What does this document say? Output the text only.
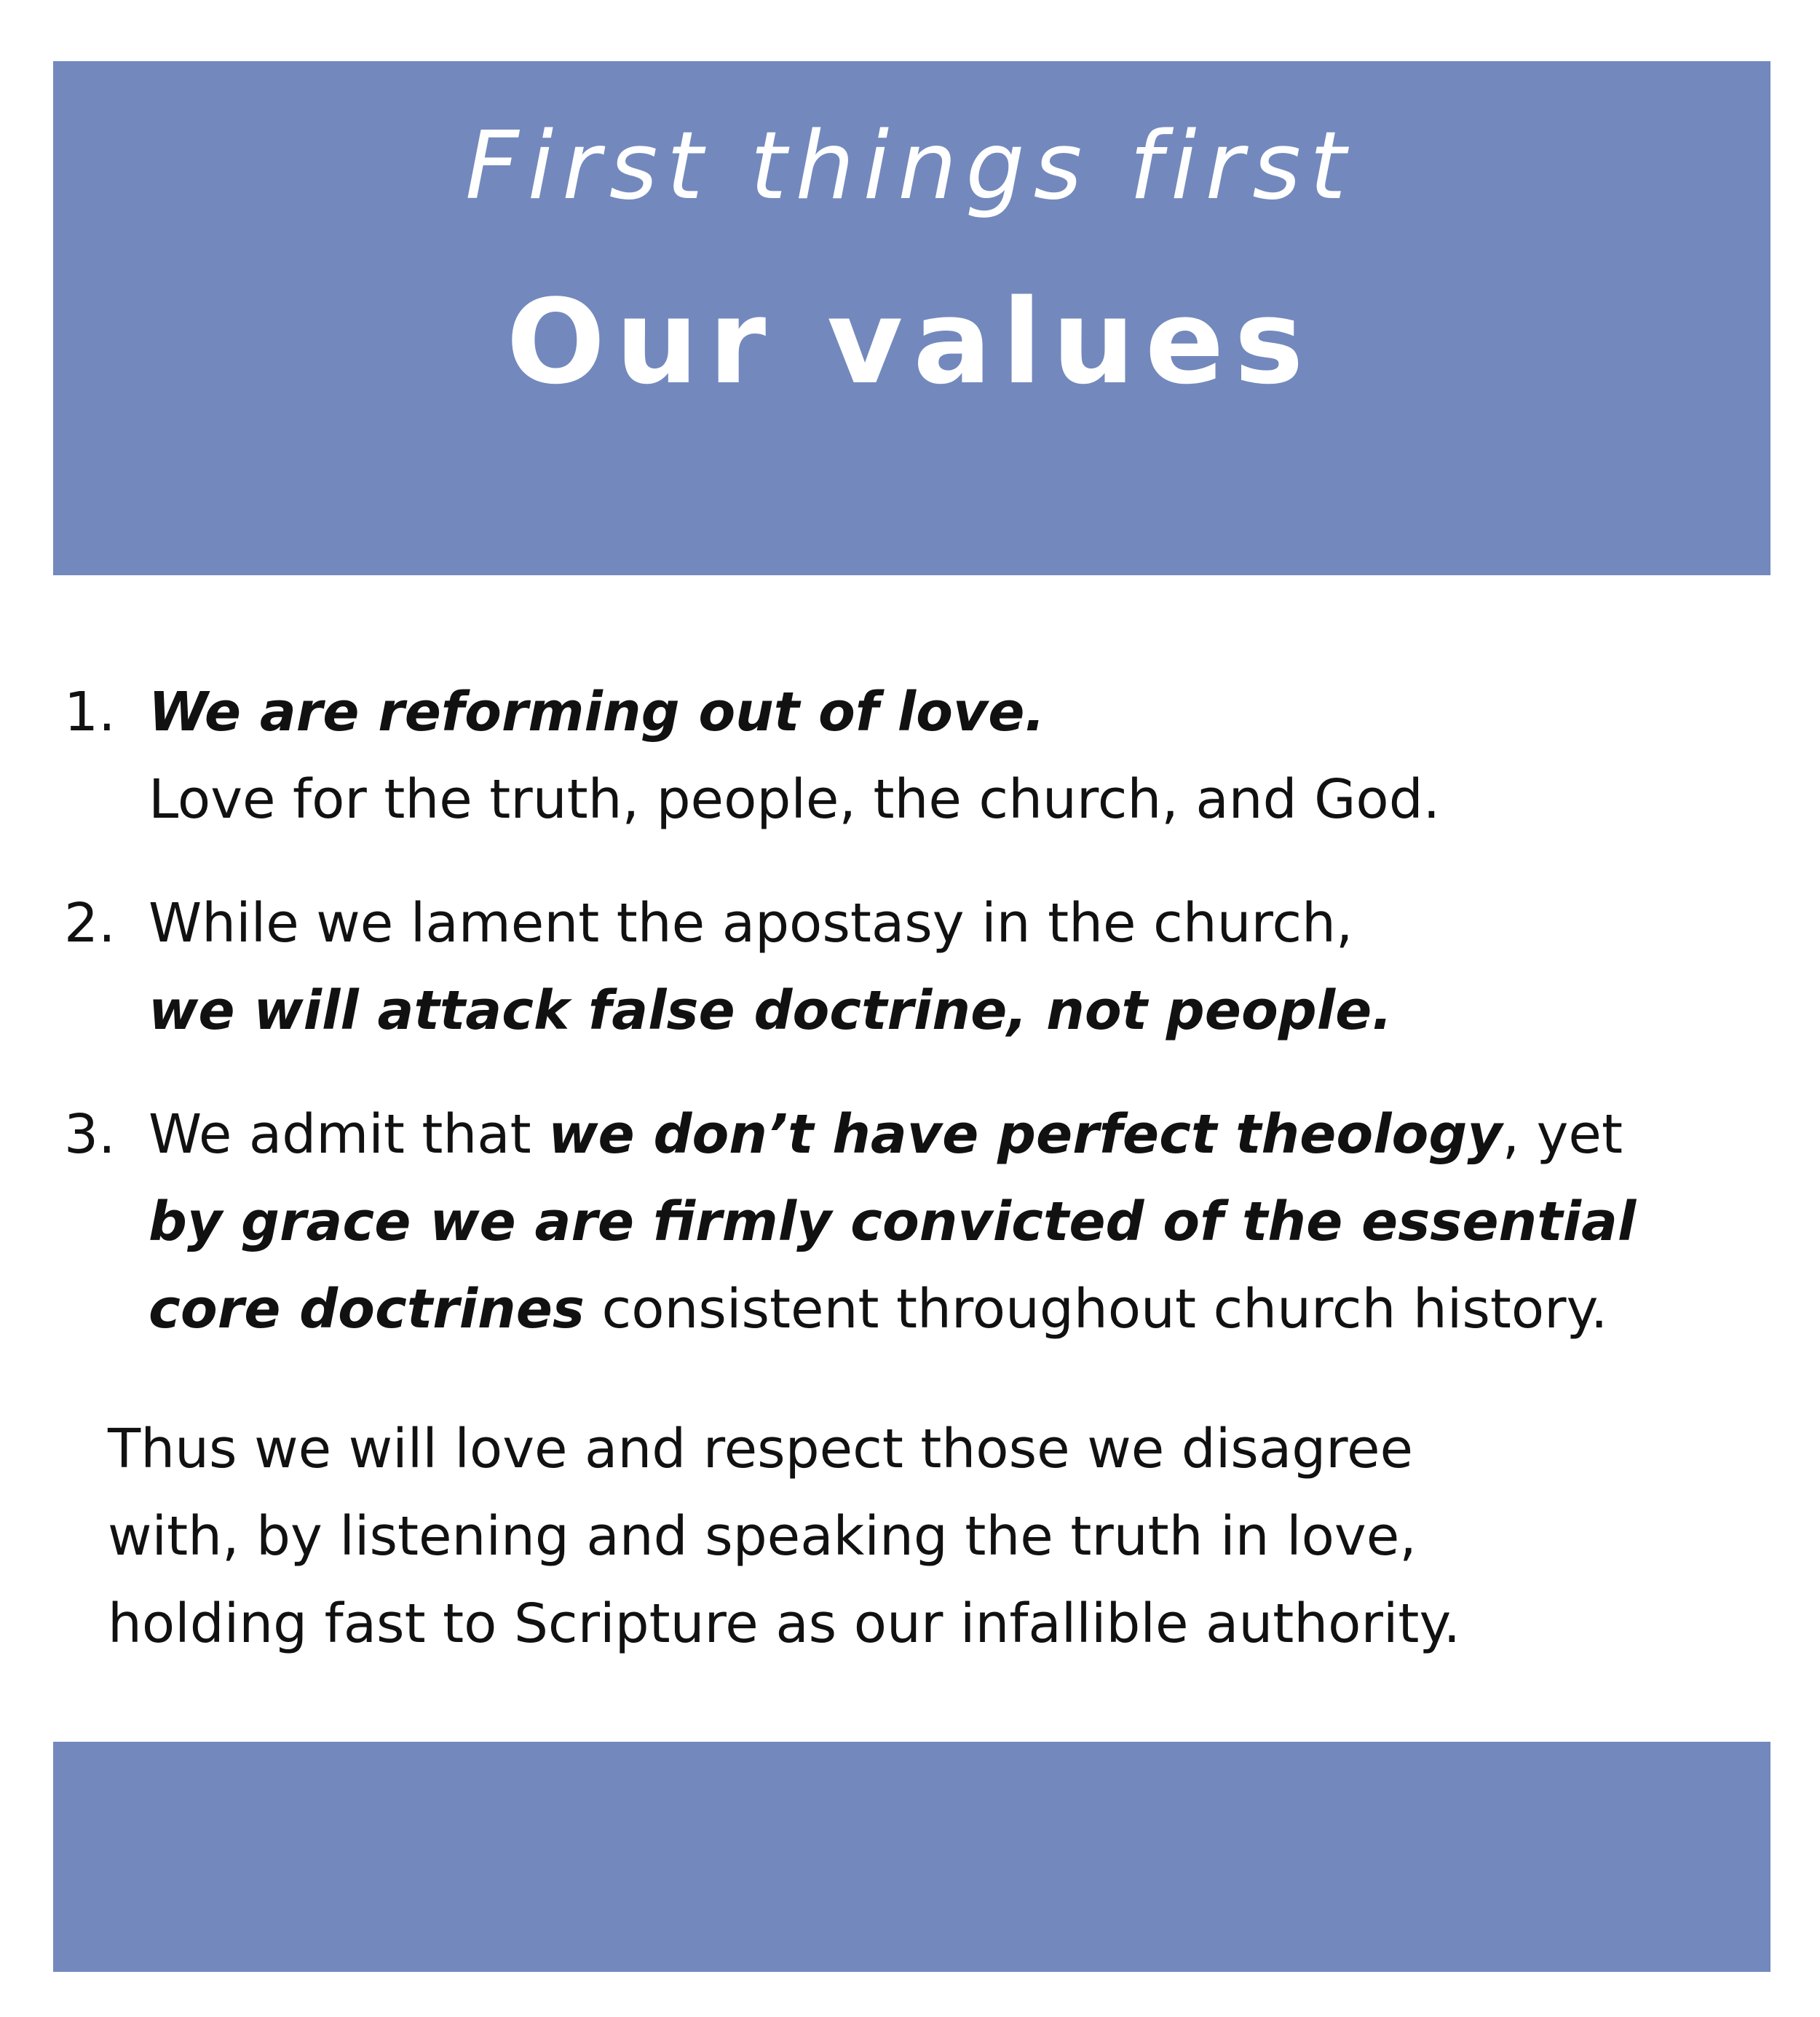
First things first
Our values
1. We are reforming out of love.
Love for the truth, people, the church, and God.
2. While we lament the apostasy in the church,
we will attack false doctrine, not people.
3. We admit that we don’t have perfect theology, yet
by grace we are firmly convicted of the essential
core doctrines consistent throughout church history.

Thus we will love and respect those we disagree
with, by listening and speaking the truth in love,
holding fast to Scripture as our infallible authority.
